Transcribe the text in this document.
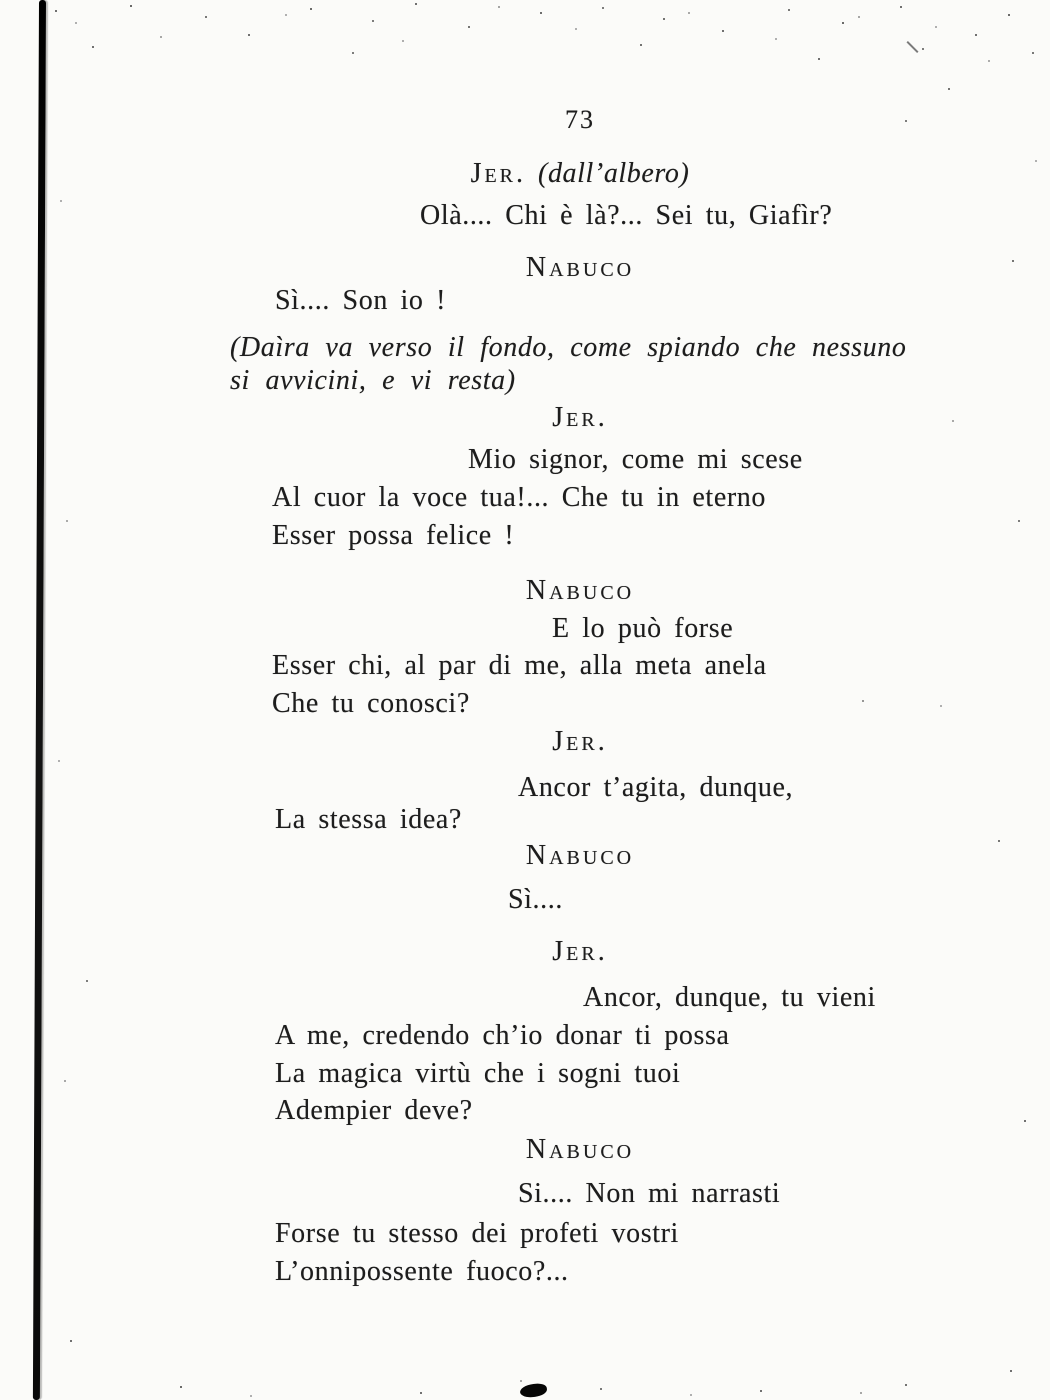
73
Jer. (dall’albero)
Olà.... Chi è là?... Sei tu, Giafìr?
Nabuco
Sì.... Son io !
(Daìra va verso il fondo, come spiando che nessuno
si avvicini, e vi resta)
Jer.
Mio signor, come mi scese
Al cuor la voce tua!... Che tu in eterno
Esser possa felice !
Nabuco
E lo può forse
Esser chi, al par di me, alla meta anela
Che tu conosci?
Jer.
Ancor t’agita, dunque,
La stessa idea?
Nabuco
Sì....
Jer.
Ancor, dunque, tu vieni
A me, credendo ch’io donar ti possa
La magica virtù che i sogni tuoi
Adempier deve?
Nabuco
Si.... Non mi narrasti
Forse tu stesso dei profeti vostri
L’onnipossente fuoco?...
